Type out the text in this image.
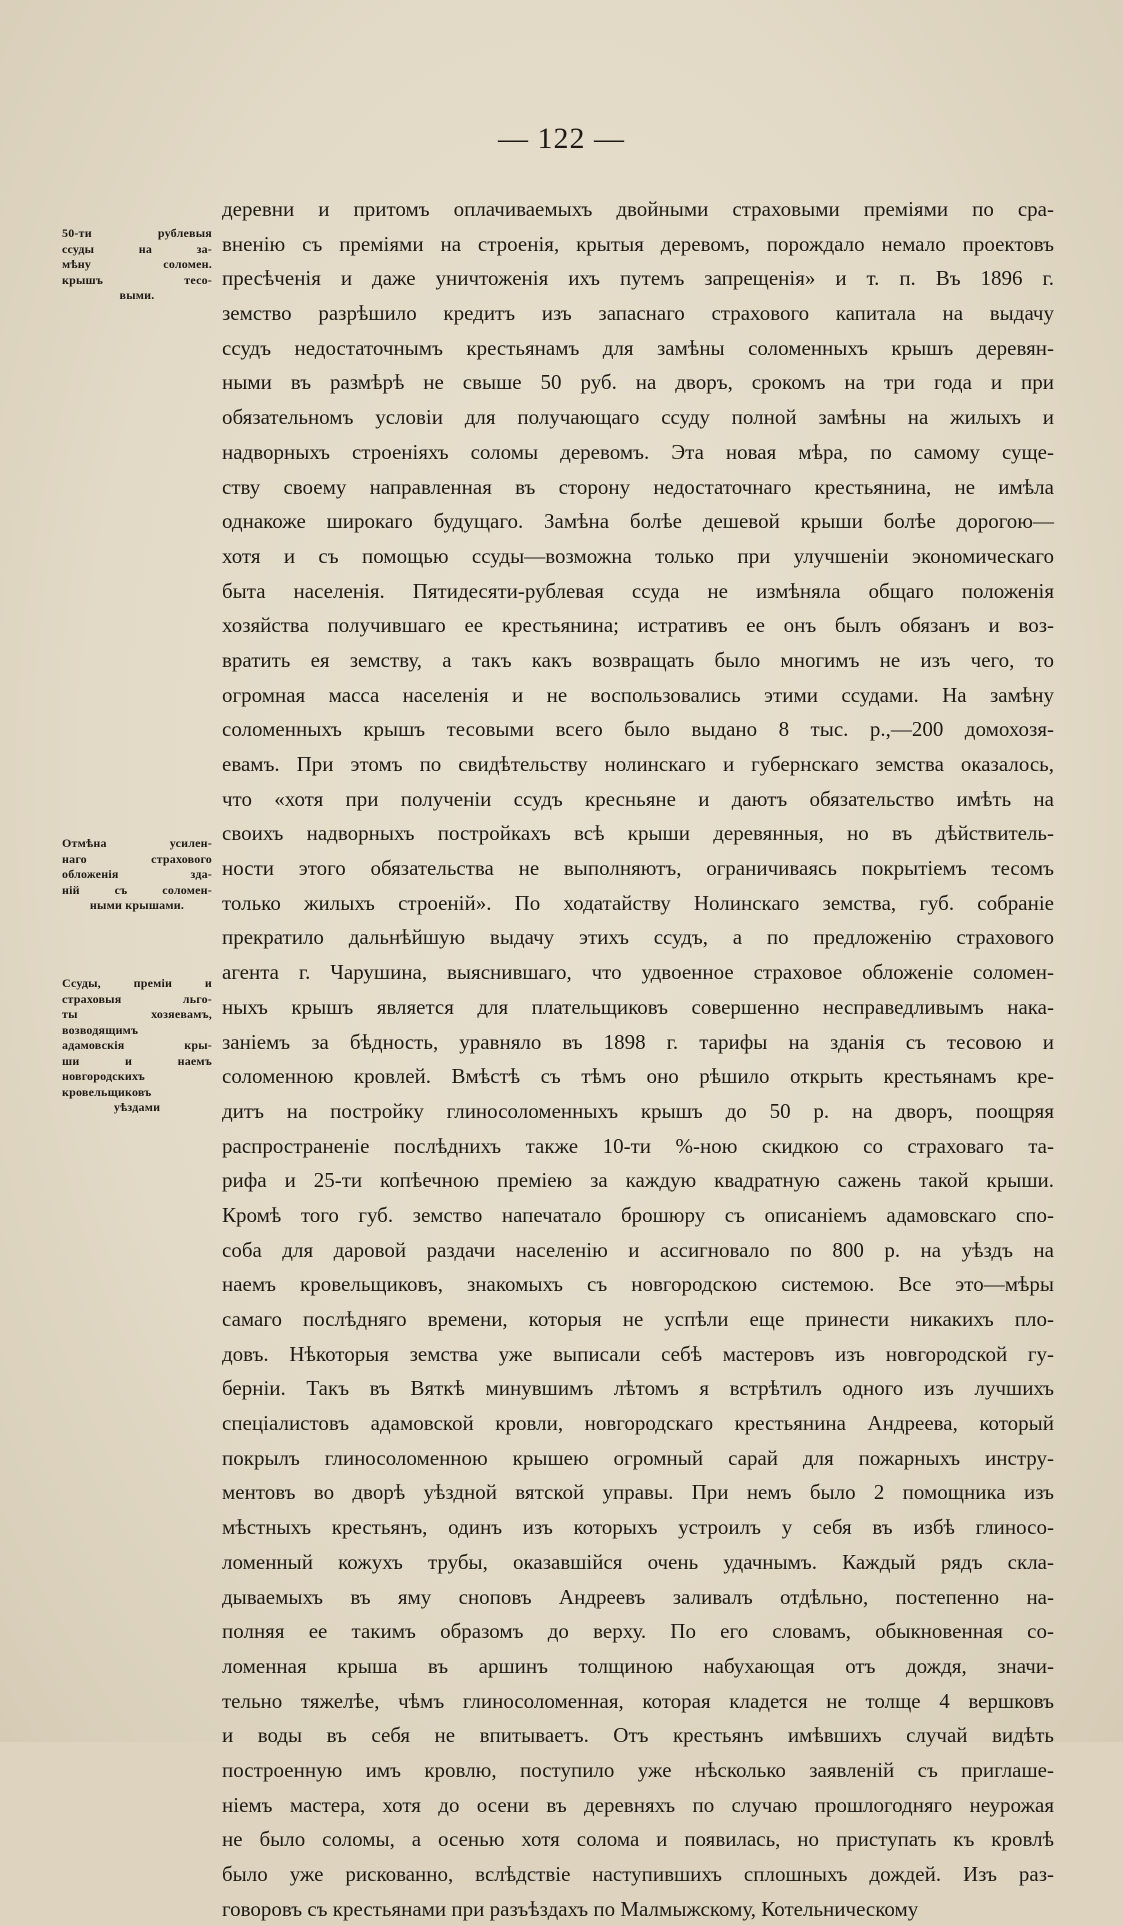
— 122 —
50-ти рублевыя
ссуды на за-
мѣну соломен.
крышъ тесо-
выми.
Отмѣна усилен-
наго страхового
обложенія зда-
ній съ соломен-
ными крышами.
Ссуды, преміи и
страховыя льго-
ты хозяевамъ,
возводящимъ
адамовскія кры-
ши и наемъ
новгородскихъ
кровельщиковъ
уѣздами
деревни и притомъ оплачиваемыхъ двойными страховыми преміями по сра-
вненію съ преміями на строенія, крытыя деревомъ, порождало немало проектовъ
пресѣченія и даже уничтоженія ихъ путемъ запрещенія» и т. п. Въ 1896 г.
земство разрѣшило кредитъ изъ запаснаго страхового капитала на выдачу
ссудъ недостаточнымъ крестьянамъ для замѣны соломенныхъ крышъ деревян-
ными въ размѣрѣ не свыше 50 руб. на дворъ, срокомъ на три года и при
обязательномъ условіи для получающаго ссуду полной замѣны на жилыхъ и
надворныхъ строеніяхъ соломы деревомъ. Эта новая мѣра, по самому суще-
ству своему направленная въ сторону недостаточнаго крестьянина, не имѣла
однакоже широкаго будущаго. Замѣна болѣе дешевой крыши болѣе дорогою—
хотя и съ помощью ссуды—возможна только при улучшеніи экономическаго
быта населенія. Пятидесяти-рублевая ссуда не измѣняла общаго положенія
хозяйства получившаго ее крестьянина; истративъ ее онъ былъ обязанъ и воз-
вратить ея земству, а такъ какъ возвращать было многимъ не изъ чего, то
огромная масса населенія и не воспользовались этими ссудами. На замѣну
соломенныхъ крышъ тесовыми всего было выдано 8 тыс. р.,—200 домохозя-
евамъ. При этомъ по свидѣтельству нолинскаго и губернскаго земства оказалось,
что «хотя при полученіи ссудъ кресньяне и даютъ обязательство имѣть на
своихъ надворныхъ постройкахъ всѣ крыши деревянныя, но въ дѣйствитель-
ности этого обязательства не выполняютъ, ограничиваясь покрытіемъ тесомъ
только жилыхъ строеній». По ходатайству Нолинскаго земства, губ. собраніе
прекратило дальнѣйшую выдачу этихъ ссудъ, а по предложенію страхового
агента г. Чарушина, выяснившаго, что удвоенное страховое обложеніе соломен-
ныхъ крышъ является для плательщиковъ совершенно несправедливымъ нака-
заніемъ за бѣдность, уравняло въ 1898 г. тарифы на зданія съ тесовою и
соломенною кровлей. Вмѣстѣ съ тѣмъ оно рѣшило открыть крестьянамъ кре-
дитъ на постройку глиносоломенныхъ крышъ до 50 р. на дворъ, поощряя
распространеніе послѣднихъ также 10-ти %-ною скидкою со страховаго та-
рифа и 25-ти копѣечною преміею за каждую квадратную сажень такой крыши.
Кромѣ того губ. земство напечатало брошюру съ описаніемъ адамовскаго спо-
соба для даровой раздачи населенію и ассигновало по 800 р. на уѣздъ на
наемъ кровельщиковъ, знакомыхъ съ новгородскою системою. Все это—мѣры
самаго послѣдняго времени, которыя не успѣли еще принести никакихъ пло-
довъ. Нѣкоторыя земства уже выписали себѣ мастеровъ изъ новгородской гу-
берніи. Такъ въ Вяткѣ минувшимъ лѣтомъ я встрѣтилъ одного изъ лучшихъ
спеціалистовъ адамовской кровли, новгородскаго крестьянина Андреева, который
покрылъ глиносоломенною крышею огромный сарай для пожарныхъ инстру-
ментовъ во дворѣ уѣздной вятской управы. При немъ было 2 помощника изъ
мѣстныхъ крестьянъ, одинъ изъ которыхъ устроилъ у себя въ избѣ глиносо-
ломенный кожухъ трубы, оказавшійся очень удачнымъ. Каждый рядъ скла-
дываемыхъ въ яму сноповъ Андреевъ заливалъ отдѣльно, постепенно на-
полняя ее такимъ образомъ до верху. По его словамъ, обыкновенная со-
ломенная крыша въ аршинъ толщиною набухающая отъ дождя, значи-
тельно тяжелѣе, чѣмъ глиносоломенная, которая кладется не толще 4 вершковъ
и воды въ себя не впитываетъ. Отъ крестьянъ имѣвшихъ случай видѣть
построенную имъ кровлю, поступило уже нѣсколько заявленій съ приглаше-
ніемъ мастера, хотя до осени въ деревняхъ по случаю прошлогодняго неурожая
не было соломы, а осенью хотя солома и появилась, но приступать къ кровлѣ
было уже рискованно, вслѣдствіе наступившихъ сплошныхъ дождей. Изъ раз-
говоровъ съ крестьянами при разъѣздахъ по Малмыжскому, Котельническому
